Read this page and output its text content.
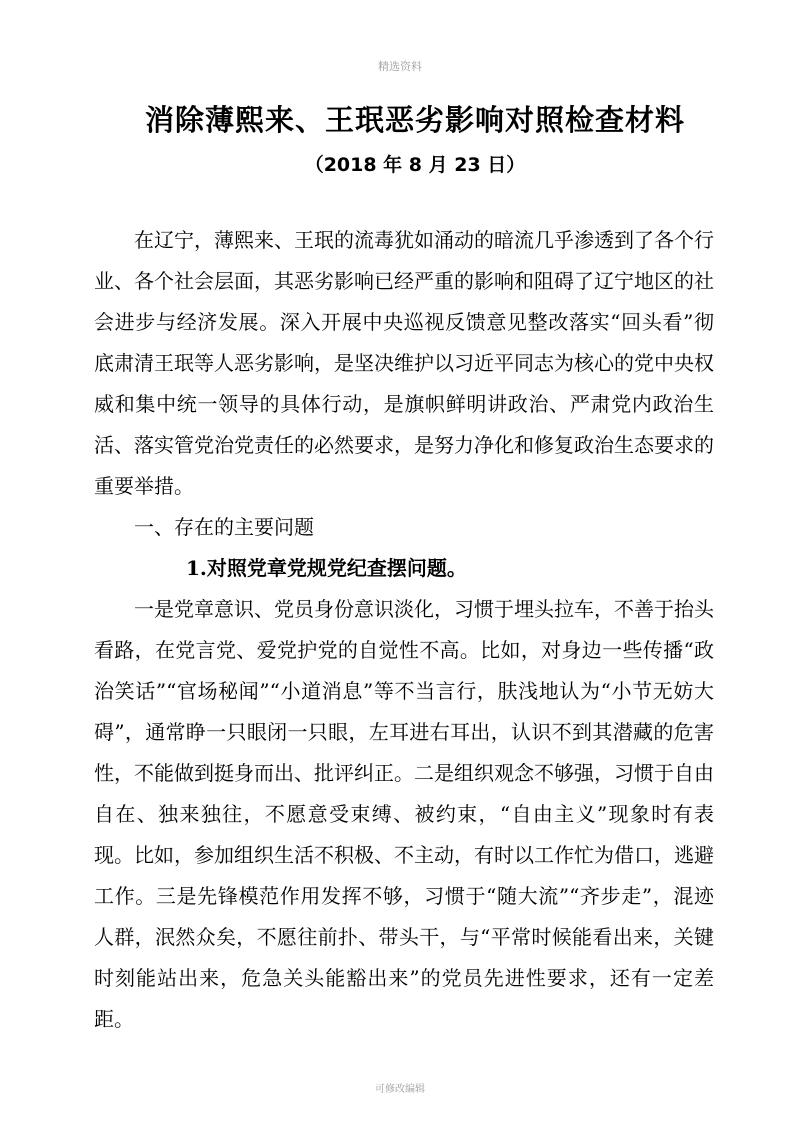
精选资料
消除薄熙来、王珉恶劣影响对照检查材料
（2018 年 8 月 23 日）

在辽宁，薄熙来、王珉的流毒犹如涌动的暗流几乎渗透到了各个行业、各个社会层面，其恶劣影响已经严重的影响和阻碍了辽宁地区的社会进步与经济发展。深入开展中央巡视反馈意见整改落实“回头看”彻底肃清王珉等人恶劣影响，是坚决维护以习近平同志为核心的党中央权威和集中统一领导的具体行动，是旗帜鲜明讲政治、严肃党内政治生活、落实管党治党责任的必然要求，是努力净化和修复政治生态要求的重要举措。

一、存在的主要问题

1.对照党章党规党纪查摆问题。

一是党章意识、党员身份意识淡化，习惯于埋头拉车，不善于抬头看路，在党言党、爱党护党的自觉性不高。比如，对身边一些传播“政治笑话”“官场秘闻”“小道消息”等不当言行，肤浅地认为“小节无妨大碍”，通常睁一只眼闭一只眼，左耳进右耳出，认识不到其潜藏的危害性，不能做到挺身而出、批评纠正。二是组织观念不够强，习惯于自由自在、独来独往，不愿意受束缚、被约束，“自由主义”现象时有表现。比如，参加组织生活不积极、不主动，有时以工作忙为借口，逃避工作。三是先锋模范作用发挥不够，习惯于“随大流”“齐步走”，混迹人群，泯然众矣，不愿往前扑、带头干，与“平常时候能看出来，关键时刻能站出来，危急关头能豁出来”的党员先进性要求，还有一定差距。

可修改编辑
